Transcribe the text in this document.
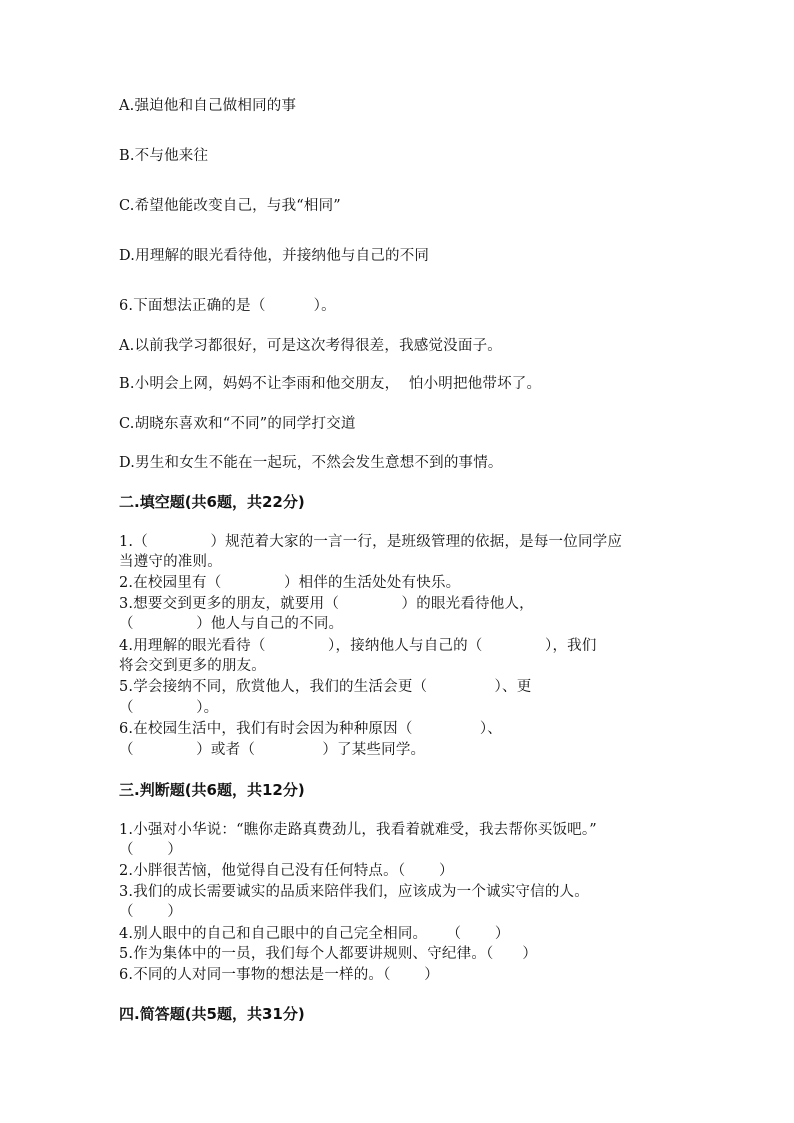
A.强迫他和自己做相同的事
B.不与他来往
C.希望他能改变自己，与我“相同”
D.用理解的眼光看待他，并接纳他与自己的不同
6.下面想法正确的是（          ）。
A.以前我学习都很好，可是这次考得很差，我感觉没面子。
B.小明会上网，妈妈不让李雨和他交朋友，  怕小明把他带坏了。
C.胡晓东喜欢和“不同”的同学打交道
D.男生和女生不能在一起玩，不然会发生意想不到的事情。
二.填空题(共6题，共22分)
1.（             ）规范着大家的一言一行，是班级管理的依据，是每一位同学应
当遵守的准则。
2.在校园里有（             ）相伴的生活处处有快乐。
3.想要交到更多的朋友，就要用（             ）的眼光看待他人，
（             ）他人与自己的不同。
4.用理解的眼光看待（             ），接纳他人与自己的（             ），我们
将会交到更多的朋友。
5.学会接纳不同，欣赏他人，我们的生活会更（              ）、更
（             ）。
6.在校园生活中，我们有时会因为种种原因（              ）、
（             ）或者（              ）了某些同学。
三.判断题(共6题，共12分)
1.小强对小华说：“瞧你走路真费劲儿，我看着就难受，我去帮你买饭吧。”
（       ）
2.小胖很苦恼，他觉得自己没有任何特点。（       ）
3.我们的成长需要诚实的品质来陪伴我们，应该成为一个诚实守信的人。
（       ）
4.别人眼中的自己和自己眼中的自己完全相同。    （       ）
5.作为集体中的一员，我们每个人都要讲规则、守纪律。（      ）
6.不同的人对同一事物的想法是一样的。（       ）
四.简答题(共5题，共31分)
